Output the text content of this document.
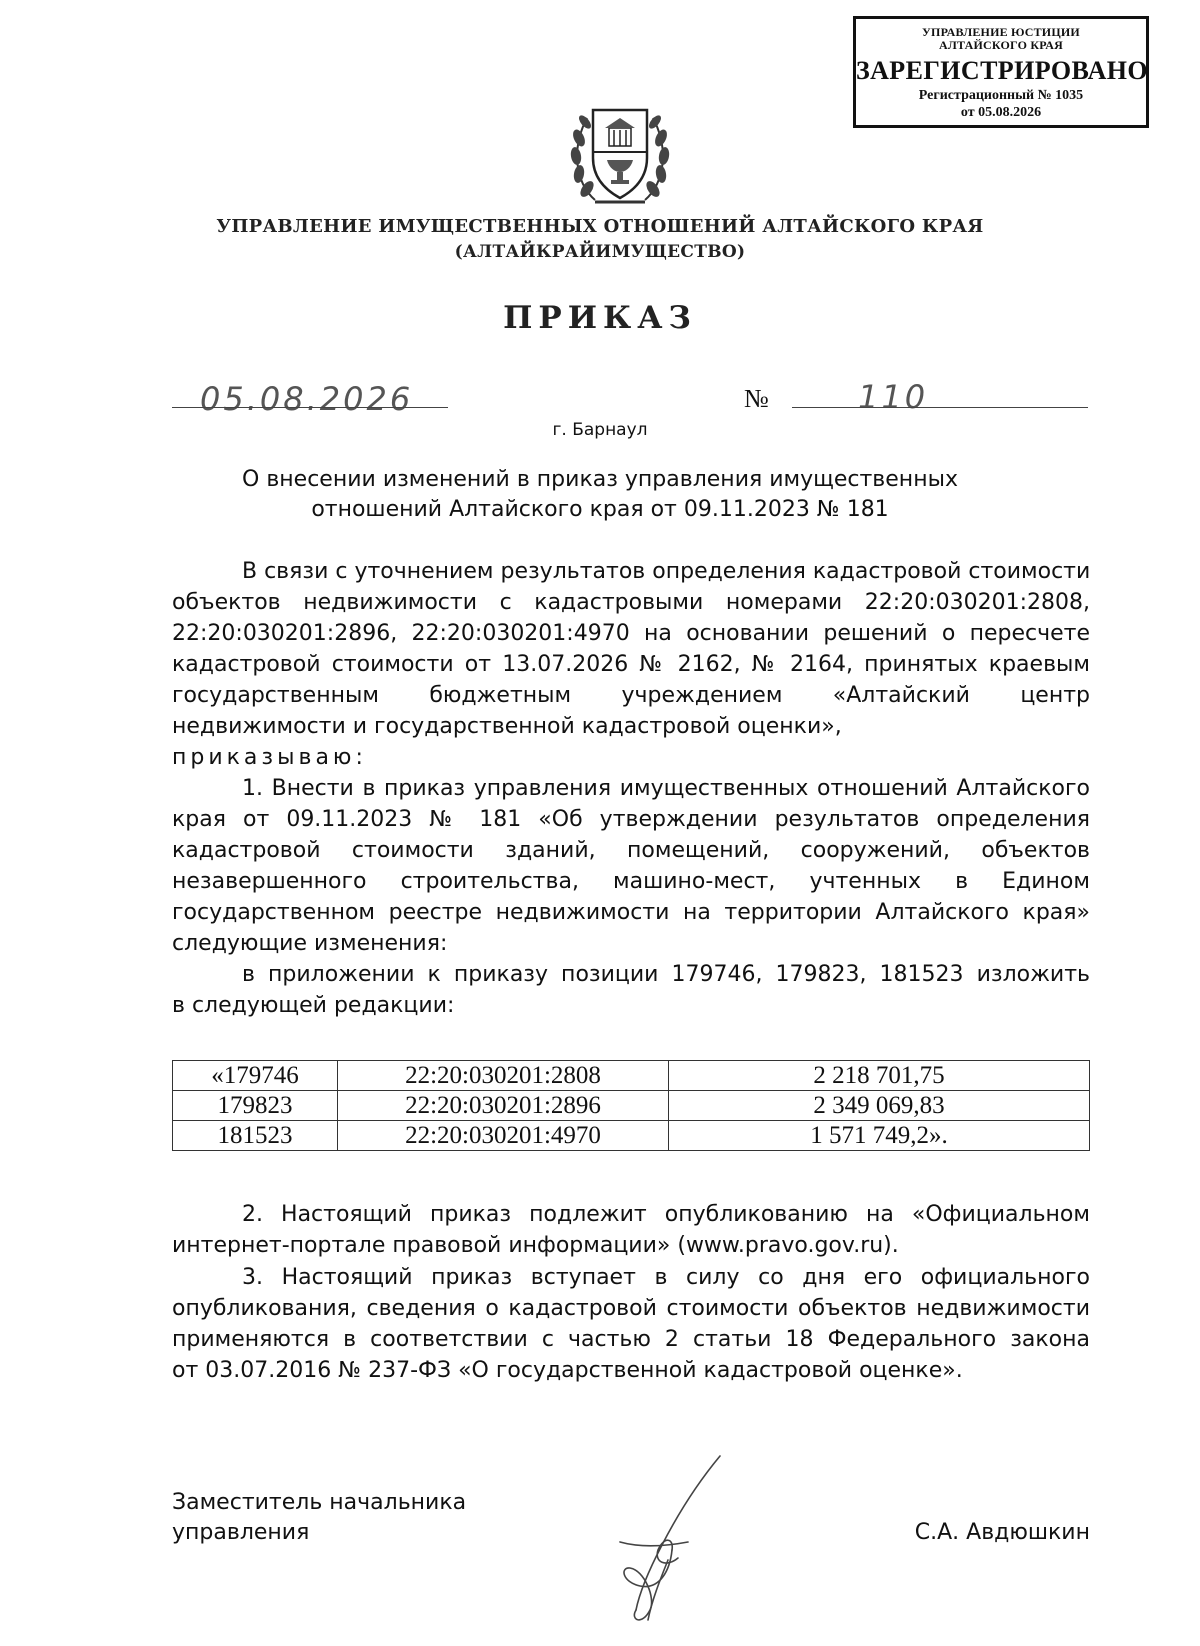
УПРАВЛЕНИЕ ЮСТИЦИИ
АЛТАЙСКОГО КРАЯ
ЗАРЕГИСТРИРОВАНО
Регистрационный № 1035
от 05.08.2026
УПРАВЛЕНИЕ ИМУЩЕСТВЕННЫХ ОТНОШЕНИЙ АЛТАЙСКОГО КРАЯ
(АЛТАЙКРАЙИМУЩЕСТВО)
ПРИКАЗ
05.08.2026	№	110
г. Барнаул
О внесении изменений в приказ управления имущественных
отношений Алтайского края от 09.11.2023 № 181
В связи с уточнением результатов определения кадастровой стоимости
объектов недвижимости с кадастровыми номерами 22:20:030201:2808,
22:20:030201:2896, 22:20:030201:4970 на основании решений о пересчете
кадастровой стоимости от 13.07.2026 № 2162, № 2164, принятых краевым
государственным бюджетным учреждением «Алтайский центр
недвижимости и государственной кадастровой оценки»,
приказываю:
1. Внести в приказ управления имущественных отношений Алтайского
края от 09.11.2023 № 181 «Об утверждении результатов определения
кадастровой стоимости зданий, помещений, сооружений, объектов
незавершенного строительства, машино-мест, учтенных в Едином
государственном реестре недвижимости на территории Алтайского края»
следующие изменения:
в приложении к приказу позиции 179746, 179823, 181523 изложить
в следующей редакции:
«179746	22:20:030201:2808	2 218 701,75
179823	22:20:030201:2896	2 349 069,83
181523	22:20:030201:4970	1 571 749,2».
2. Настоящий приказ подлежит опубликованию на «Официальном
интернет-портале правовой информации» (www.pravo.gov.ru).
3. Настоящий приказ вступает в силу со дня его официального
опубликования, сведения о кадастровой стоимости объектов недвижимости
применяются в соответствии с частью 2 статьи 18 Федерального закона
от 03.07.2016 № 237-ФЗ «О государственной кадастровой оценке».
Заместитель начальника
управления	С.А. Авдюшкин
